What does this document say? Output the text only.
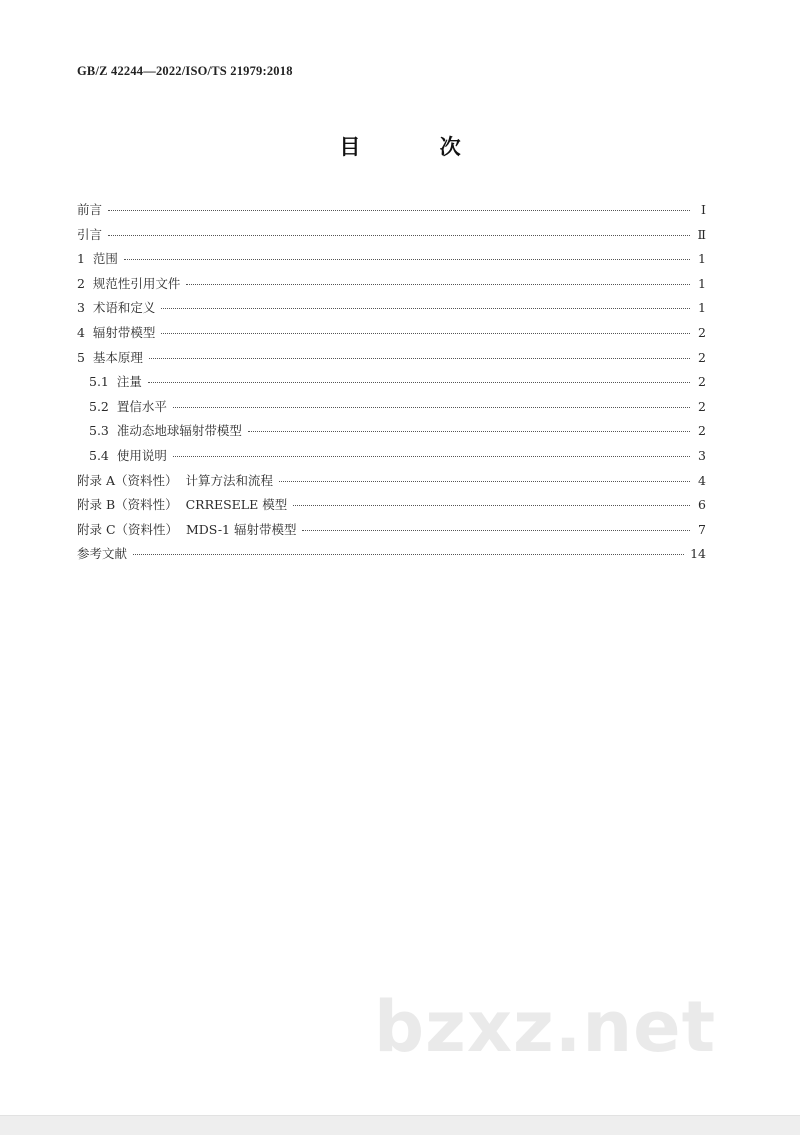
GB/Z 42244—2022/ISO/TS 21979:2018
目 次
前言	Ⅰ
引言	Ⅱ
1  范围	1
2  规范性引用文件	1
3  术语和定义	1
4  辐射带模型	2
5  基本原理	2
5.1  注量	2
5.2  置信水平	2
5.3  准动态地球辐射带模型	2
5.4  使用说明	3
附录 A（资料性）  计算方法和流程	4
附录 B（资料性）  CRRESELE 模型	6
附录 C（资料性）  MDS-1 辐射带模型	7
参考文献	14
bzxz.net
